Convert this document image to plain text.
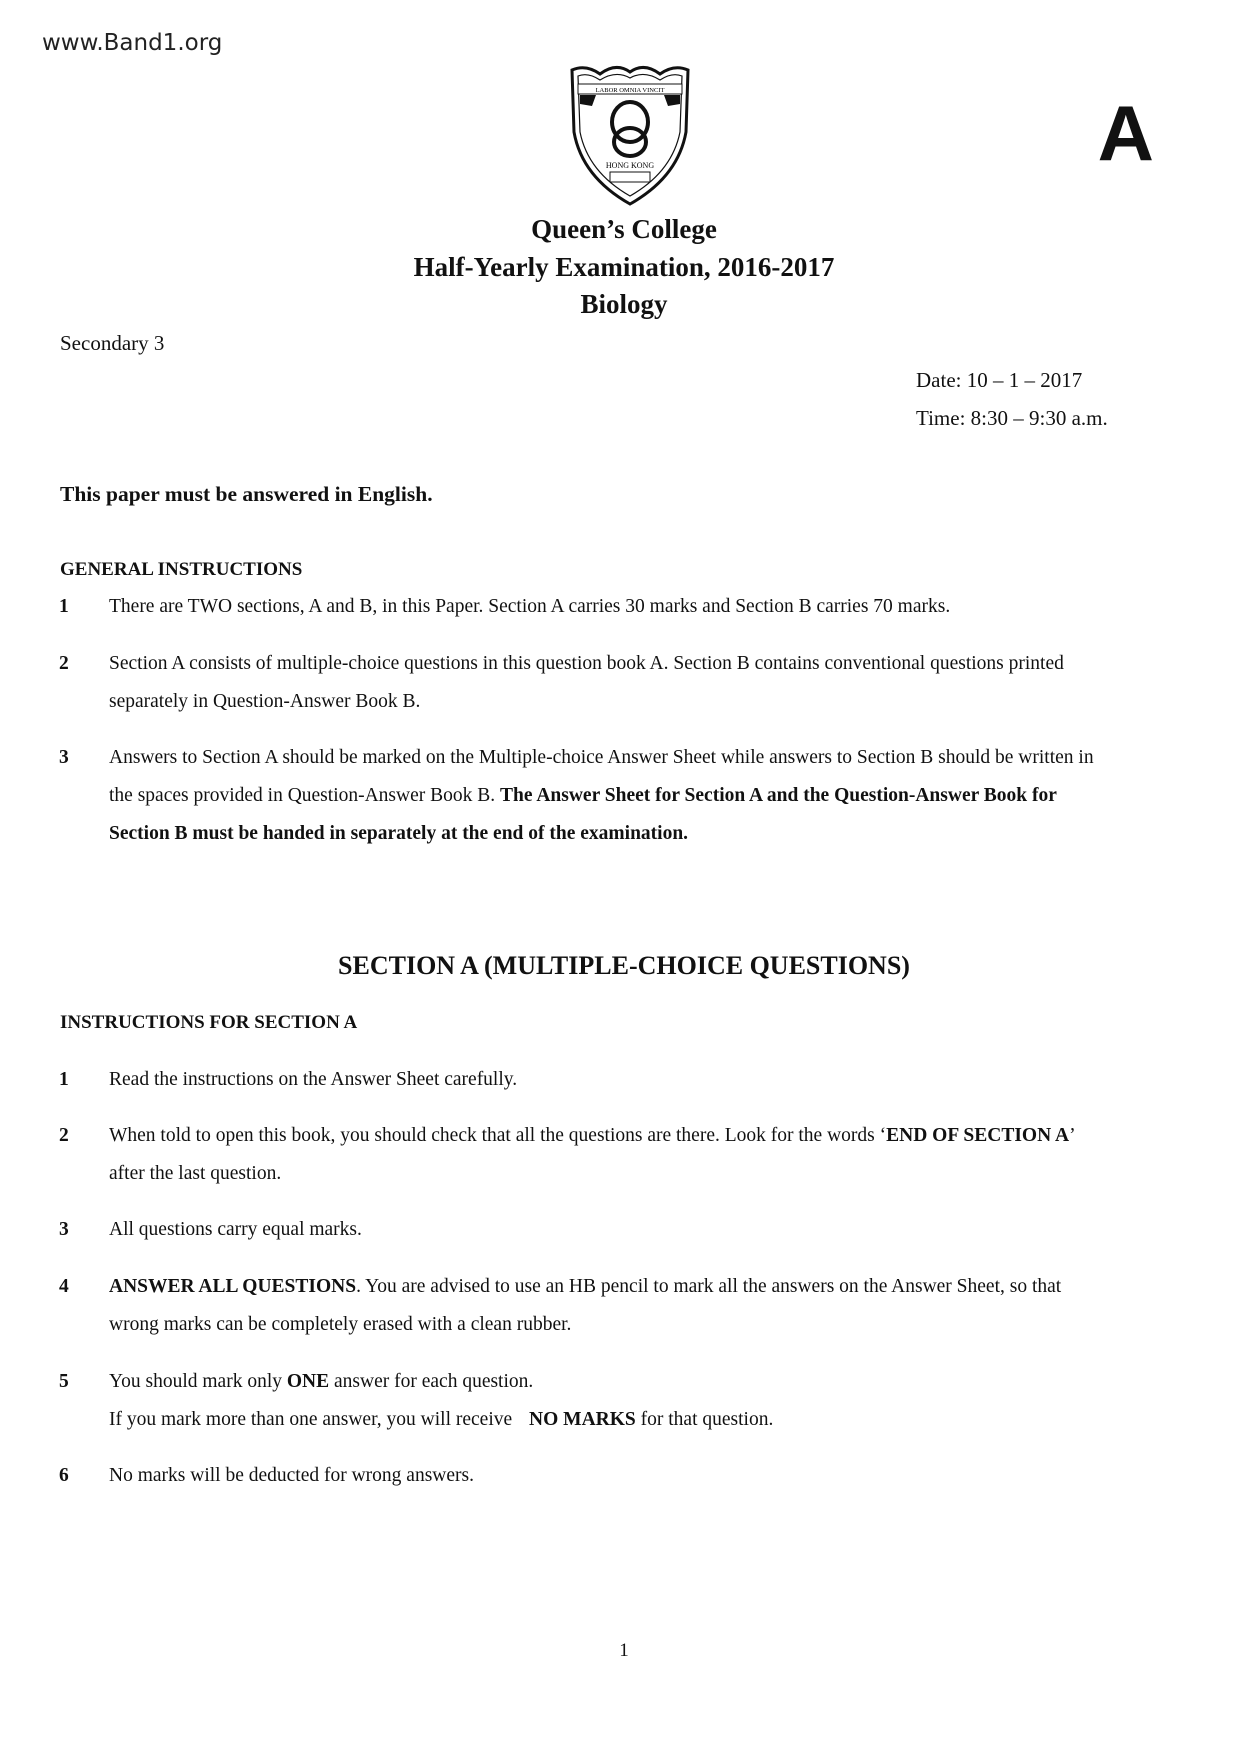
www.Band1.org
LABOR OMNIA VINCIT
HONG KONG	A
Queen’s College
Half-Yearly Examination, 2016-2017
Biology
Secondary 3
Date: 10 – 1 – 2017
Time: 8:30 – 9:30 a.m.
This paper must be answered in English.
GENERAL INSTRUCTIONS
1 There are TWO sections, A and B, in this Paper. Section A carries 30 marks and Section B carries 70 marks.
2 Section A consists of multiple-choice questions in this question book A. Section B contains conventional questions printed
separately in Question-Answer Book B.
3 Answers to Section A should be marked on the Multiple-choice Answer Sheet while answers to Section B should be written in
the spaces provided in Question-Answer Book B. The Answer Sheet for Section A and the Question-Answer Book for
Section B must be handed in separately at the end of the examination.
SECTION A (MULTIPLE-CHOICE QUESTIONS)
INSTRUCTIONS FOR SECTION A
1 Read the instructions on the Answer Sheet carefully.
2 When told to open this book, you should check that all the questions are there. Look for the words ‘END OF SECTION A’
after the last question.
3 All questions carry equal marks.
4 ANSWER ALL QUESTIONS. You are advised to use an HB pencil to mark all the answers on the Answer Sheet, so that
wrong marks can be completely erased with a clean rubber.
5 You should mark only ONE answer for each question.
If you mark more than one answer, you will receive NO MARKS for that question.
6 No marks will be deducted for wrong answers.
1
